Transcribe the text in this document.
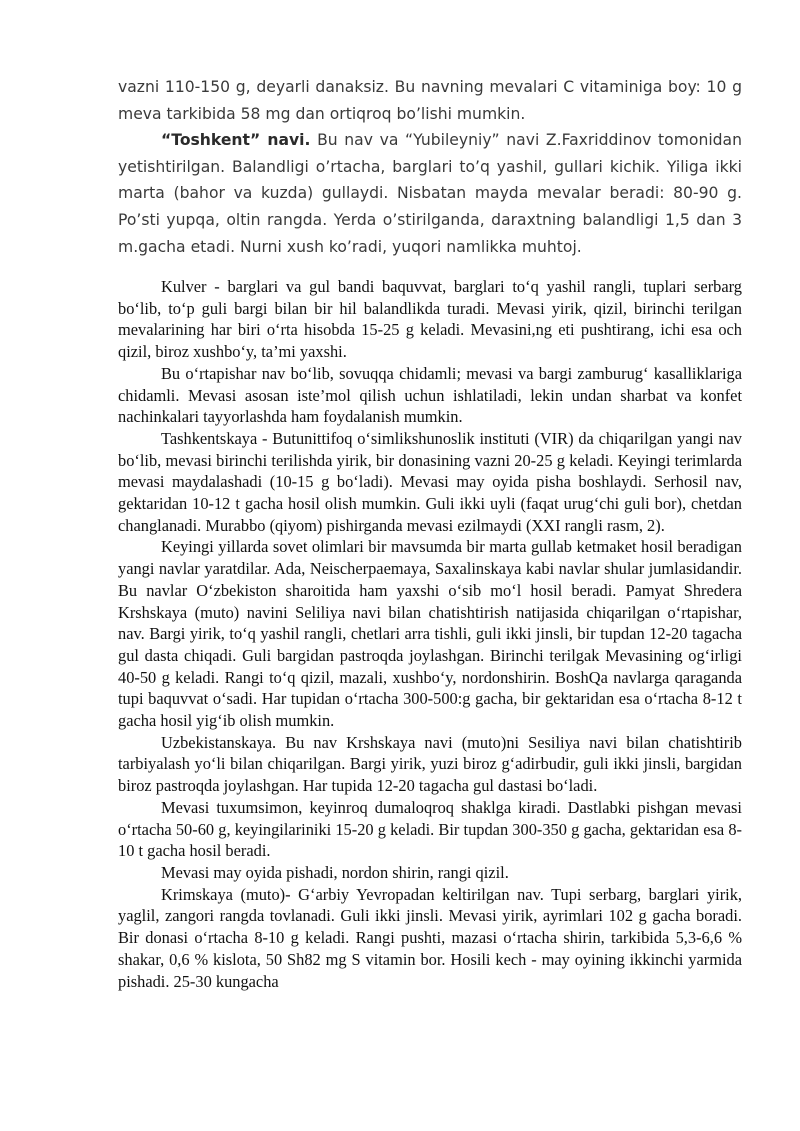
vazni 110-150 g, deyarli danaksiz. Bu navning mevalari C vitaminiga boy: 10 g meva tarkibida 58 mg dan ortiqroq bo’lishi mumkin.

“Toshkent” navi. Bu nav va “Yubileyniy” navi Z.Faxriddinov tomonidan yetishtirilgan. Balandligi o’rtacha, barglari to’q yashil, gullari kichik. Yiliga ikki marta (bahor va kuzda) gullaydi. Nisbatan mayda mevalar beradi: 80-90 g. Po’sti yupqa, oltin rangda. Yerda o’stirilganda, daraxtning balandligi 1,5 dan 3 m.gacha etadi. Nurni xush ko’radi, yuqori namlikka muhtoj.

Kulver - barglari va gul bandi baquvvat, barglari to‘q yashil rangli, tuplari serbarg bo‘lib, to‘p guli bargi bilan bir hil balandlikda turadi. Mevasi yirik, qizil, birinchi terilgan mevalarining har biri o‘rta hisobda 15-25 g keladi. Mevasini,ng eti pushtirang, ichi esa och qizil, biroz xushbo‘y, ta’mi yaxshi.

Bu o‘rtapishar nav bo‘lib, sovuqqa chidamli; mevasi va bargi zamburug‘ kasalliklariga chidamli. Mevasi asosan iste’mol qilish uchun ishlatiladi, lekin undan sharbat va konfet nachinkalari tayyorlashda ham foydalanish mumkin.

Tashkentskaya - Butunittifoq o‘simlikshunoslik instituti (VIR) da chiqarilgan yangi nav bo‘lib, mevasi birinchi terilishda yirik, bir donasining vazni 20-25 g keladi. Keyingi terimlarda mevasi maydalashadi (10-15 g bo‘ladi). Mevasi may oyida pisha boshlaydi. Serhosil nav, gektaridan 10-12 t gacha hosil olish mumkin. Guli ikki uyli (faqat urug‘chi guli bor), chetdan changlanadi. Murabbo (qiyom) pishirganda mevasi ezilmaydi (XXI rangli rasm, 2).

Keyingi yillarda sovet olimlari bir mavsumda bir marta gullab ketmaket hosil beradigan yangi navlar yaratdilar. Ada, Neischerpaemaya, Saxalinskaya kabi navlar shular jumlasidandir. Bu navlar O‘zbekiston sharoitida ham yaxshi o‘sib mo‘l hosil beradi. Pamyat Shredera Krshskaya (muto) navini Seliliya navi bilan chatishtirish natijasida chiqarilgan o‘rtapishar, nav. Bargi yirik, to‘q yashil rangli, chetlari arra tishli, guli ikki jinsli, bir tupdan 12-20 tagacha gul dasta chiqadi. Guli bargidan pastroqda joylashgan. Birinchi terilgak Mevasining og‘irligi 40-50 g keladi. Rangi to‘q qizil, mazali, xushbo‘y, nordonshirin. BoshQa navlarga qaraganda tupi baquvvat o‘sadi. Har tupidan o‘rtacha 300-500:g gacha, bir gektaridan esa o‘rtacha 8-12 t gacha hosil yig‘ib olish mumkin.

Uzbekistanskaya. Bu nav Krshskaya navi (muto)ni Sesiliya navi bilan chatishtirib tarbiyalash yo‘li bilan chiqarilgan. Bargi yirik, yuzi biroz g‘adirbudir, guli ikki jinsli, bargidan biroz pastroqda joylashgan. Har tupida 12-20 tagacha gul dastasi bo‘ladi.

Mevasi tuxumsimon, keyinroq dumaloqroq shaklga kiradi. Dastlabki pishgan mevasi o‘rtacha 50-60 g, keyingilariniki 15-20 g keladi. Bir tupdan 300-350 g gacha, gektaridan esa 8-10 t gacha hosil beradi.

Mevasi may oyida pishadi, nordon shirin, rangi qizil.

Krimskaya (muto)- G‘arbiy Yevropadan keltirilgan nav. Tupi serbarg, barglari yirik, yaglil, zangori rangda tovlanadi. Guli ikki jinsli. Mevasi yirik, ayrimlari 102 g gacha boradi. Bir donasi o‘rtacha 8-10 g keladi. Rangi pushti, mazasi o‘rtacha shirin, tarkibida 5,3-6,6 % shakar, 0,6 % kislota, 50 Sh82 mg S vitamin bor. Hosili kech - may oyining ikkinchi yarmida pishadi. 25-30 kungacha
